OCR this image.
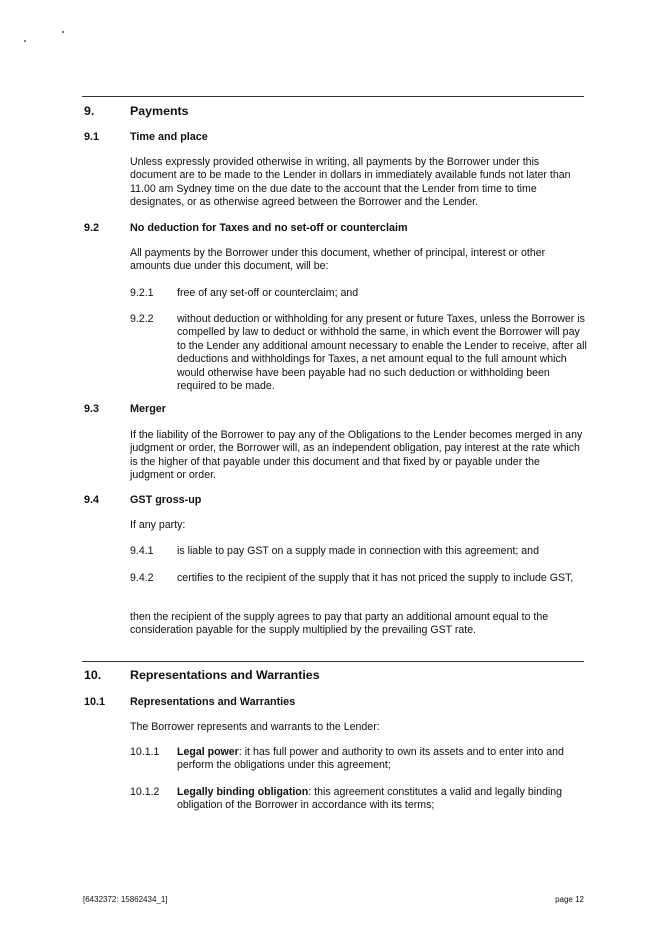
9.	Payments
9.1	Time and place
Unless expressly provided otherwise in writing, all payments by the Borrower under this document are to be made to the Lender in dollars in immediately available funds not later than 11.00 am Sydney time on the due date to the account that the Lender from time to time designates, or as otherwise agreed between the Borrower and the Lender.
9.2	No deduction for Taxes and no set-off or counterclaim
All payments by the Borrower under this document, whether of principal, interest or other amounts due under this document, will be:
9.2.1 free of any set-off or counterclaim; and
9.2.2 without deduction or withholding for any present or future Taxes, unless the Borrower is compelled by law to deduct or withhold the same, in which event the Borrower will pay to the Lender any additional amount necessary to enable the Lender to receive, after all deductions and withholdings for Taxes, a net amount equal to the full amount which would otherwise have been payable had no such deduction or withholding been required to be made.
9.3	Merger
If the liability of the Borrower to pay any of the Obligations to the Lender becomes merged in any judgment or order, the Borrower will, as an independent obligation, pay interest at the rate which is the higher of that payable under this document and that fixed by or payable under the judgment or order.
9.4	GST gross-up
If any party:
9.4.1 is liable to pay GST on a supply made in connection with this agreement; and
9.4.2 certifies to the recipient of the supply that it has not priced the supply to include GST,
then the recipient of the supply agrees to pay that party an additional amount equal to the consideration payable for the supply multiplied by the prevailing GST rate.
10. Representations and Warranties
10.1 Representations and Warranties
The Borrower represents and warrants to the Lender:
10.1.1 Legal power: it has full power and authority to own its assets and to enter into and perform the obligations under this agreement;
10.1.2 Legally binding obligation: this agreement constitutes a valid and legally binding obligation of the Borrower in accordance with its terms;
[6432372: 15862434_1]	page 12
